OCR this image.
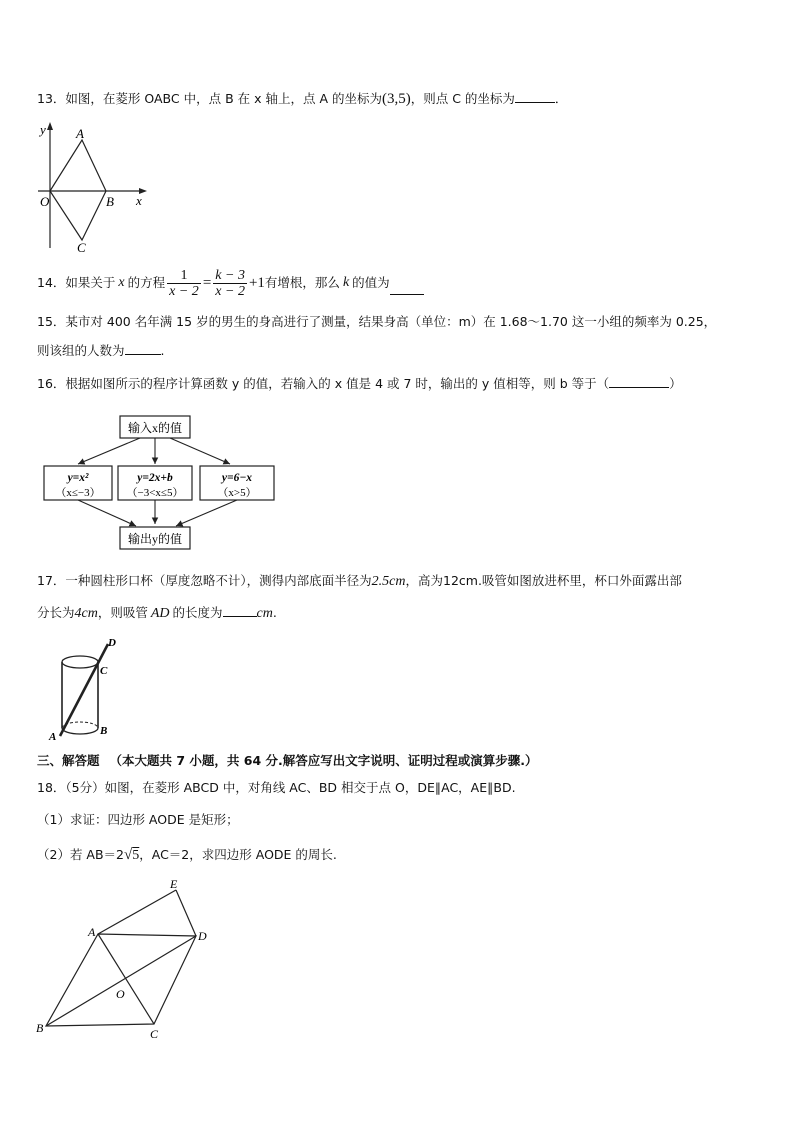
13．如图，在菱形 OABC 中，点 B 在 x 轴上，点 A 的坐标为(3,5)，则点 C 的坐标为	．
y A
O	B x
C
14．如果关于 x 的方程 $\frac{1}{x - 2} = \frac{k - 3}{x - 2} +1$ 有增根，那么 k 的值为
15．某市对 400 名年满 15 岁的男生的身高进行了测量，结果身高（单位：m）在 1.68～1.70 这一小组的频率为 0.25，
则该组的人数为	.
16．根据如图所示的程序计算函数 y 的值，若输入的 x 值是 4 或 7 时，输出的 y 值相等，则 b 等于（	）
输入x的值
y=x²
（x≤−3）
y=2x+b
（−3<x≤5）
y=6−x
（x>5）
输出y的值
17．一种圆柱形口杯（厚度忽略不计），测得内部底面半径为2.5cm，高为12cm.吸管如图放进杯里，杯口外面露出部
分长为4cm，则吸管 AD 的长度为 cm.
D
C
A	B
三、解答题 （本大题共 7 小题，共 64 分.解答应写出文字说明、证明过程或演算步骤.）
18．（5分）如图，在菱形 ABCD 中，对角线 AC、BD 相交于点 O，DE∥AC，AE∥BD.
（1）求证：四边形 AODE 是矩形；
（2）若 AB＝2√5，AC＝2，求四边形 AODE 的周长.
E
A	D
O
B	C
